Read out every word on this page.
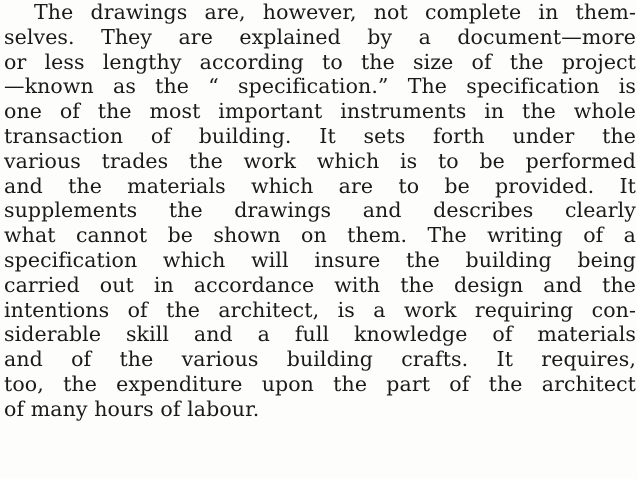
The drawings are, however, not complete in them-
selves. They are explained by a document—more
or less lengthy according to the size of the project
—known as the “ specification.” The specification is
one of the most important instruments in the whole
transaction of building. It sets forth under the
various trades the work which is to be performed
and the materials which are to be provided. It
supplements the drawings and describes clearly
what cannot be shown on them. The writing of a
specification which will insure the building being
carried out in accordance with the design and the
intentions of the architect, is a work requiring con-
siderable skill and a full knowledge of materials
and of the various building crafts. It requires,
too, the expenditure upon the part of the architect
of many hours of labour.
